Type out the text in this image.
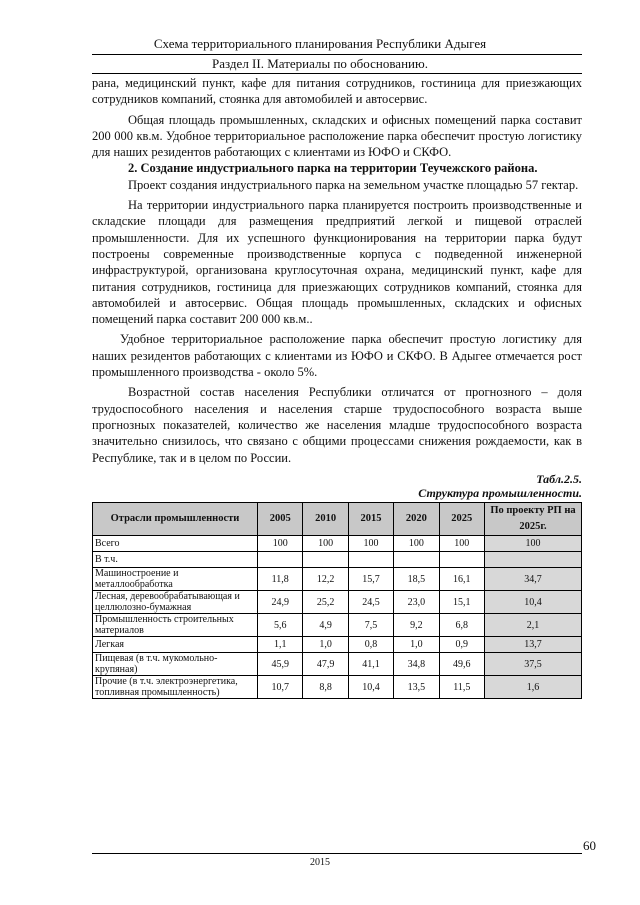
Схема территориального планирования Республики Адыгея
Раздел II. Материалы по обоснованию.

рана, медицинский пункт, кафе для питания сотрудников, гостиница для приезжающих сотрудников компаний, стоянка для автомобилей и автосервис.

Общая площадь промышленных, складских и офисных помещений парка составит 200 000 кв.м. Удобное территориальное расположение парка обеспечит простую логистику для наших резидентов работающих с клиентами из ЮФО и СКФО.

2. Создание индустриального парка на территории Теучежского района.

Проект создания индустриального парка на земельном участке площадью 57 гектар.

На территории индустриального парка планируется построить производственные и складские площади для размещения предприятий легкой и пищевой отраслей промышленности. Для их успешного функционирования на территории парка будут построены современные производственные корпуса с подведенной инженерной инфраструктурой, организована круглосуточная охрана, медицинский пункт, кафе для питания сотрудников, гостиница для приезжающих сотрудников компаний, стоянка для автомобилей и автосервис. Общая площадь промышленных, складских и офисных помещений парка составит 200 000 кв.м..

Удобное территориальное расположение парка обеспечит простую логистику для наших резидентов работающих с клиентами из ЮФО и СКФО. В Адыгее отмечается рост промышленного производства - около 5%.

Возрастной состав населения Республики отличатся от прогнозного – доля трудоспособного населения и населения старше трудоспособного возраста выше прогнозных показателей, количество же населения младше трудоспособного возраста значительно снизилось, что связано с общими процессами снижения рождаемости, как в Республике, так и в целом по России.

Табл.2.5.
Структура промышленности.
Отрасли промышленности	2005	2010	2015	2020	2025	По проекту РП на 2025г.
Всего	100	100	100	100	100	100
В т.ч.						
Машиностроение и металлообработка	11,8	12,2	15,7	18,5	16,1	34,7
Лесная, деревообрабатывающая и целлюлозно-бумажная	24,9	25,2	24,5	23,0	15,1	10,4
Промышленность строительных материалов	5,6	4,9	7,5	9,2	6,8	2,1
Легкая	1,1	1,0	0,8	1,0	0,9	13,7
Пищевая (в т.ч. мукомольно-крупяная)	45,9	47,9	41,1	34,8	49,6	37,5
Прочие (в т.ч. электроэнергетика, топливная промышленность)	10,7	8,8	10,4	13,5	11,5	1,6
60
2015
